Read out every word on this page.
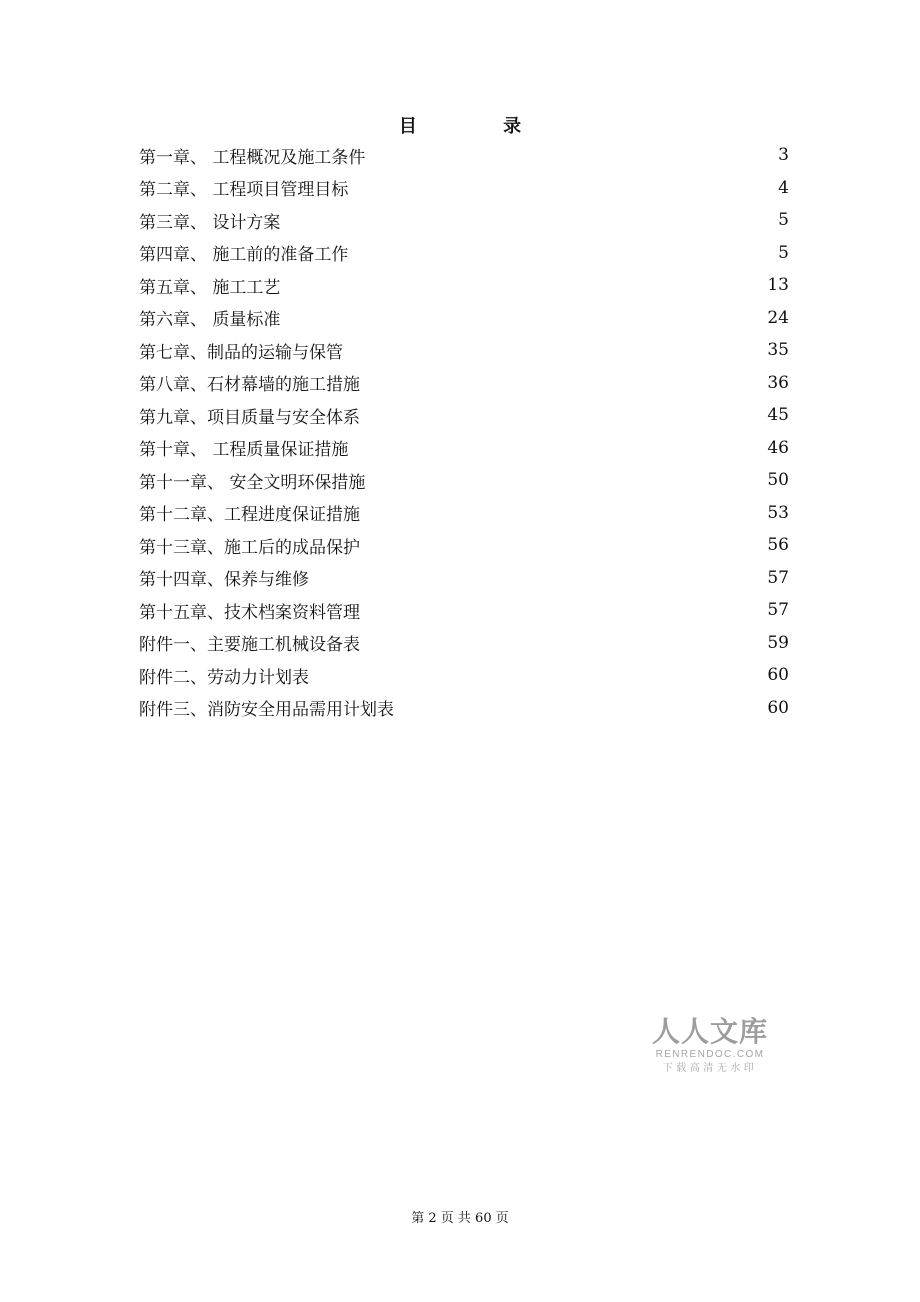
目 录
第一章、 工程概况及施工条件	3
第二章、 工程项目管理目标	4
第三章、 设计方案	5
第四章、 施工前的准备工作	5
第五章、 施工工艺	13
第六章、 质量标准	24
第七章、制品的运输与保管	35
第八章、石材幕墙的施工措施	36
第九章、项目质量与安全体系	45
第十章、 工程质量保证措施	46
第十一章、 安全文明环保措施	50
第十二章、工程进度保证措施	53
第十三章、施工后的成品保护	56
第十四章、保养与维修	57
第十五章、技术档案资料管理	57
附件一、主要施工机械设备表	59
附件二、劳动力计划表	60
附件三、消防安全用品需用计划表	60
人人文库
RENRENDOC.COM
下载高清无水印
第 2 页 共 60 页
